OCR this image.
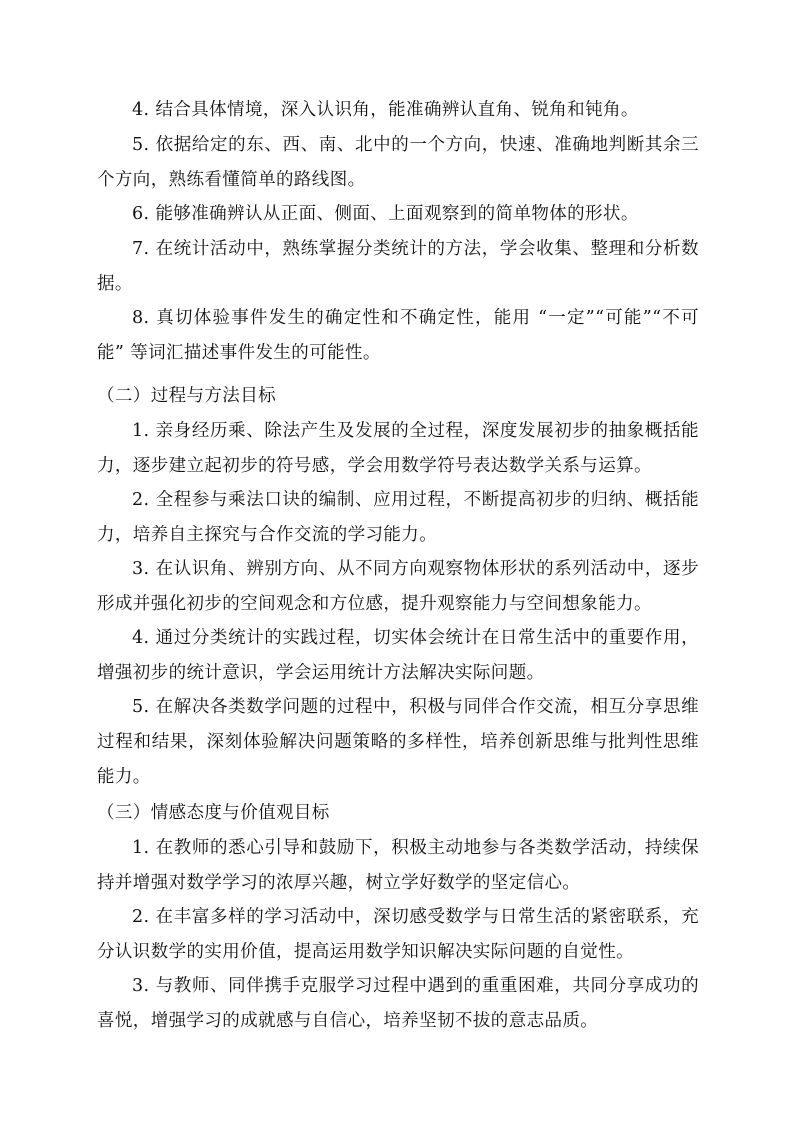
4. 结合具体情境，深入认识角，能准确辨认直角、锐角和钝角。

5. 依据给定的东、西、南、北中的一个方向，快速、准确地判断其余三个方向，熟练看懂简单的路线图。

6. 能够准确辨认从正面、侧面、上面观察到的简单物体的形状。

7. 在统计活动中，熟练掌握分类统计的方法，学会收集、整理和分析数据。

8. 真切体验事件发生的确定性和不确定性，能用 “一定”“可能”“不可能” 等词汇描述事件发生的可能性。

（二）过程与方法目标

1. 亲身经历乘、除法产生及发展的全过程，深度发展初步的抽象概括能力，逐步建立起初步的符号感，学会用数学符号表达数学关系与运算。

2. 全程参与乘法口诀的编制、应用过程，不断提高初步的归纳、概括能力，培养自主探究与合作交流的学习能力。

3. 在认识角、辨别方向、从不同方向观察物体形状的系列活动中，逐步形成并强化初步的空间观念和方位感，提升观察能力与空间想象能力。

4. 通过分类统计的实践过程，切实体会统计在日常生活中的重要作用，增强初步的统计意识，学会运用统计方法解决实际问题。

5. 在解决各类数学问题的过程中，积极与同伴合作交流，相互分享思维过程和结果，深刻体验解决问题策略的多样性，培养创新思维与批判性思维能力。

（三）情感态度与价值观目标

1. 在教师的悉心引导和鼓励下，积极主动地参与各类数学活动，持续保持并增强对数学学习的浓厚兴趣，树立学好数学的坚定信心。

2. 在丰富多样的学习活动中，深切感受数学与日常生活的紧密联系，充分认识数学的实用价值，提高运用数学知识解决实际问题的自觉性。

3. 与教师、同伴携手克服学习过程中遇到的重重困难，共同分享成功的喜悦，增强学习的成就感与自信心，培养坚韧不拔的意志品质。
